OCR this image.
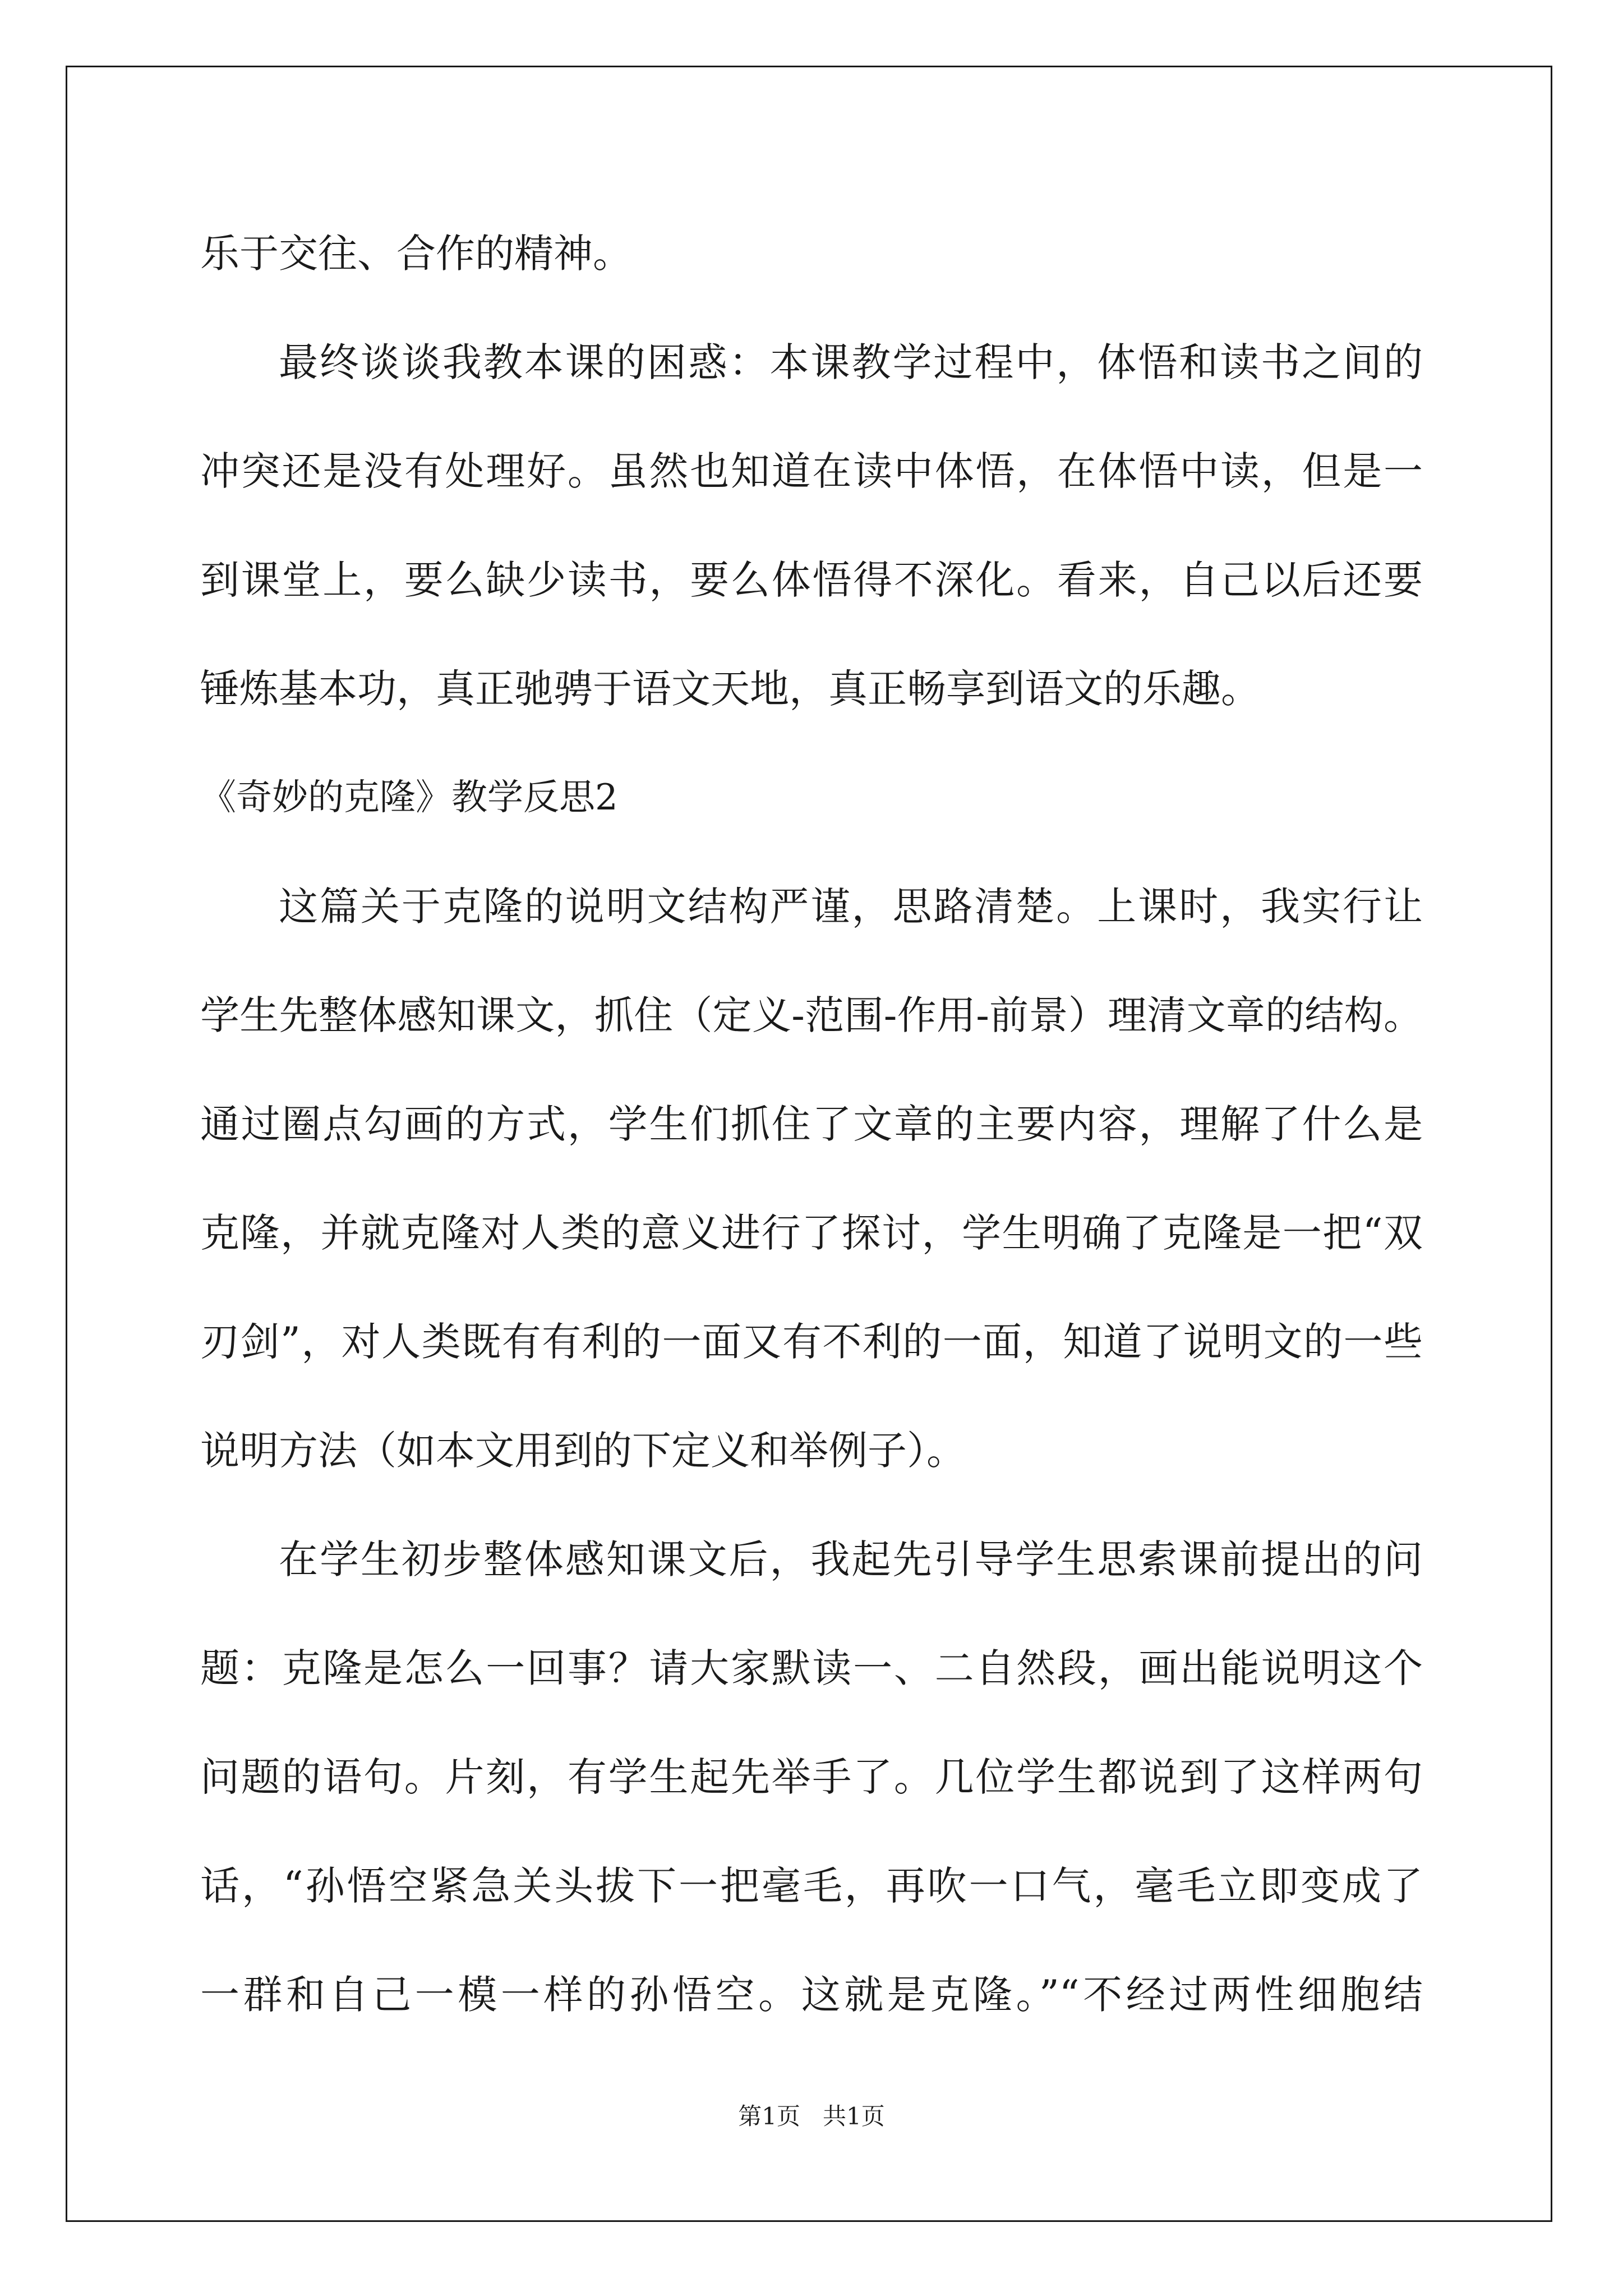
乐于交往、合作的精神。
最终谈谈我教本课的困惑：本课教学过程中，体悟和读书之间的
冲突还是没有处理好。虽然也知道在读中体悟，在体悟中读，但是一
到课堂上，要么缺少读书，要么体悟得不深化。看来，自己以后还要
锤炼基本功，真正驰骋于语文天地，真正畅享到语文的乐趣。
《奇妙的克隆》教学反思2
这篇关于克隆的说明文结构严谨，思路清楚。上课时，我实行让
学生先整体感知课文，抓住（定义-范围-作用-前景）理清文章的结构。
通过圈点勾画的方式，学生们抓住了文章的主要内容，理解了什么是
克隆，并就克隆对人类的意义进行了探讨，学生明确了克隆是一把“双
刃剑”，对人类既有有利的一面又有不利的一面，知道了说明文的一些
说明方法（如本文用到的下定义和举例子）。
在学生初步整体感知课文后，我起先引导学生思索课前提出的问
题：克隆是怎么一回事？请大家默读一、二自然段，画出能说明这个
问题的语句。片刻，有学生起先举手了。几位学生都说到了这样两句
话，“孙悟空紧急关头拔下一把毫毛，再吹一口气，毫毛立即变成了
一群和自己一模一样的孙悟空。这就是克隆。”“不经过两性细胞结
第1页   共1页
